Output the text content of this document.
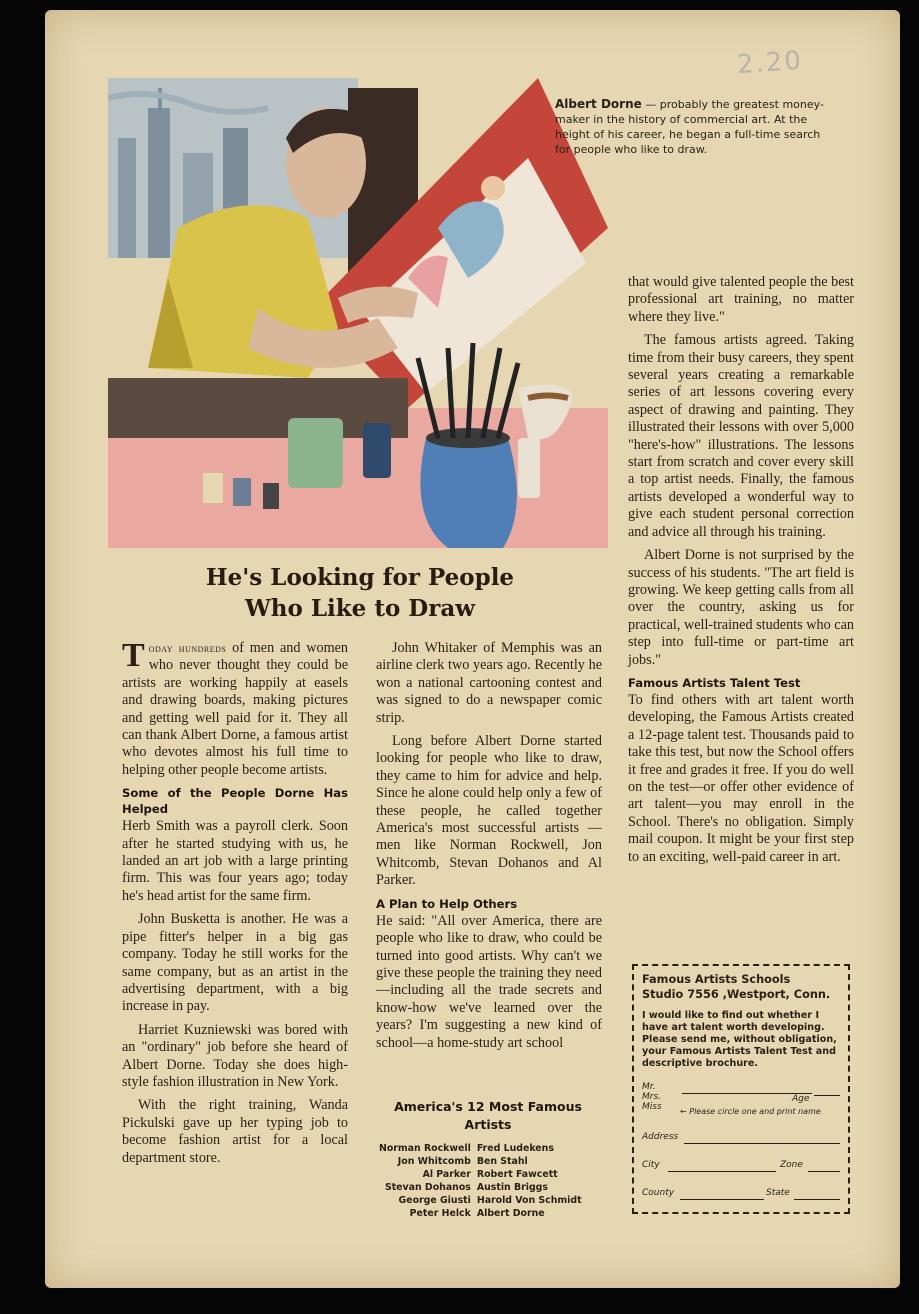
2.20
Albert Dorne — probably the greatest money-maker in the history of commercial art. At the height of his career, he began a full-time search for people who like to draw.
He's Looking for People
Who Like to Draw

Today hundreds of men and women who never thought they could be artists are working happily at easels and drawing boards, making pictures and getting well paid for it. They all can thank Albert Dorne, a famous artist who devotes almost his full time to helping other people become artists.

Some of the People Dorne Has Helped

Herb Smith was a payroll clerk. Soon after he started studying with us, he landed an art job with a large printing firm. This was four years ago; today he's head artist for the same firm.

John Busketta is another. He was a pipe fitter's helper in a big gas company. Today he still works for the same company, but as an artist in the advertising department, with a big increase in pay.

Harriet Kuzniewski was bored with an "ordinary" job before she heard of Albert Dorne. Today she does high-style fashion illustration in New York.

With the right training, Wanda Pickulski gave up her typing job to become fashion artist for a local department store.

John Whitaker of Memphis was an airline clerk two years ago. Recently he won a national cartooning contest and was signed to do a newspaper comic strip.

Long before Albert Dorne started looking for people who like to draw, they came to him for advice and help. Since he alone could help only a few of these people, he called together America's most successful artists —men like Norman Rockwell, Jon Whitcomb, Stevan Dohanos and Al Parker.

A Plan to Help Others

He said: "All over America, there are people who like to draw, who could be turned into good artists. Why can't we give these people the training they need—including all the trade secrets and know-how we've learned over the years? I'm suggesting a new kind of school—a home-study art school

America's 12 Most Famous Artists
Norman Rockwell	Fred Ludekens
Jon Whitcomb	Ben Stahl
Al Parker	Robert Fawcett
Stevan Dohanos	Austin Briggs
George Giusti	Harold Von Schmidt
Peter Helck	Albert Dorne

that would give talented people the best professional art training, no matter where they live."

The famous artists agreed. Taking time from their busy careers, they spent several years creating a remarkable series of art lessons covering every aspect of drawing and painting. They illustrated their lessons with over 5,000 "here's-how" illustrations. The lessons start from scratch and cover every skill a top artist needs. Finally, the famous artists developed a wonderful way to give each student personal correction and advice all through his training.

Albert Dorne is not surprised by the success of his students. "The art field is growing. We keep getting calls from all over the country, asking us for practical, well-trained students who can step into full-time or part-time art jobs."

Famous Artists Talent Test

To find others with art talent worth developing, the Famous Artists created a 12-page talent test. Thousands paid to take this test, but now the School offers it free and grades it free. If you do well on the test—or offer other evidence of art talent—you may enroll in the School. There's no obligation. Simply mail coupon. It might be your first step to an exciting, well-paid career in art.

Famous Artists Schools
Studio 7556 ,Westport, Conn.
I would like to find out whether I have art talent worth developing. Please send me, without obligation, your Famous Artists Talent Test and descriptive brochure.
Mr.
Mrs.
Miss
Age
← Please circle one and print name
Address
City	Zone
County	State
